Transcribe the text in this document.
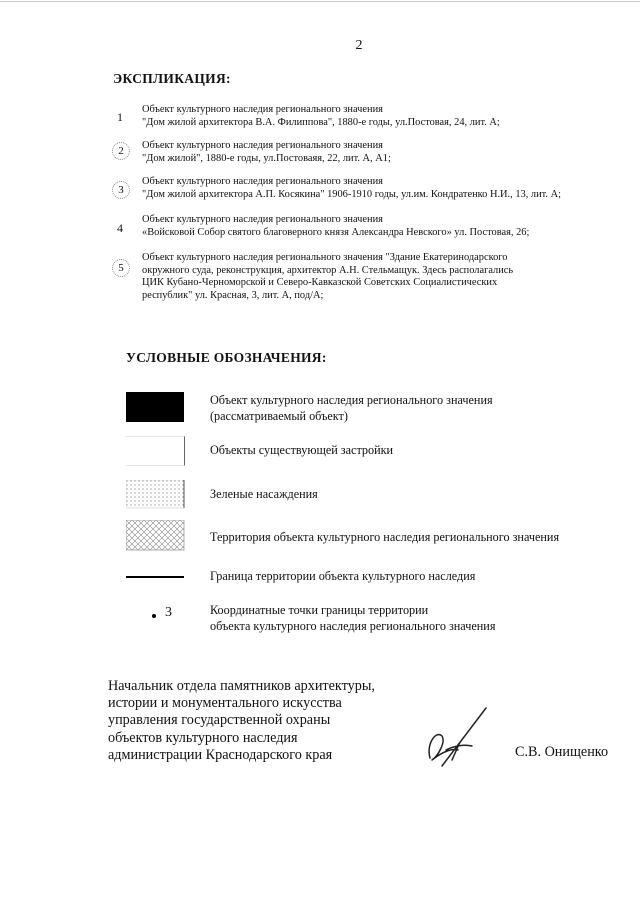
2
ЭКСПЛИКАЦИЯ:
1
Объект культурного наследия регионального значения
"Дом жилой архитектора В.А. Филиппова", 1880-е годы, ул.Постовая, 24, лит. А;
2	Объект культурного наследия регионального значения
"Дом жилой", 1880-е годы, ул.Постоваяя, 22, лит. А, А1;
3
Объект культурного наследия регионального значения
"Дом жилой архитектора А.П. Косякина" 1906-1910 годы, ул.им. Кондратенко Н.И., 13, лит. А;
4
Объект культурного наследия регионального значения
«Войсковой Собор святого благоверного князя Александра Невского» ул. Постовая, 26;
5
Объект культурного наследия регионального значения "Здание Екатеринодарского
окружного суда, реконструкция, архитектор А.Н. Стельмащук. Здесь располагались
ЦИК Кубано-Черноморской и Северо-Кавказской Советских Социалистических
республик" ул. Красная, 3, лит. А, под/А;
УСЛОВНЫЕ ОБОЗНАЧЕНИЯ:
Объект культурного наследия регионального значения
(рассматриваемый объект)
Объекты существующей застройки
Зеленые насаждения
Территория объекта культурного наследия регионального значения
Граница территории объекта культурного наследия
3	Координатные точки границы территории
объекта культурного наследия регионального значения
Начальник отдела памятников архитектуры,
истории и монументального искусства
управления государственной охраны
объектов культурного наследия
администрации Краснодарского края	С.В. Онищенко
